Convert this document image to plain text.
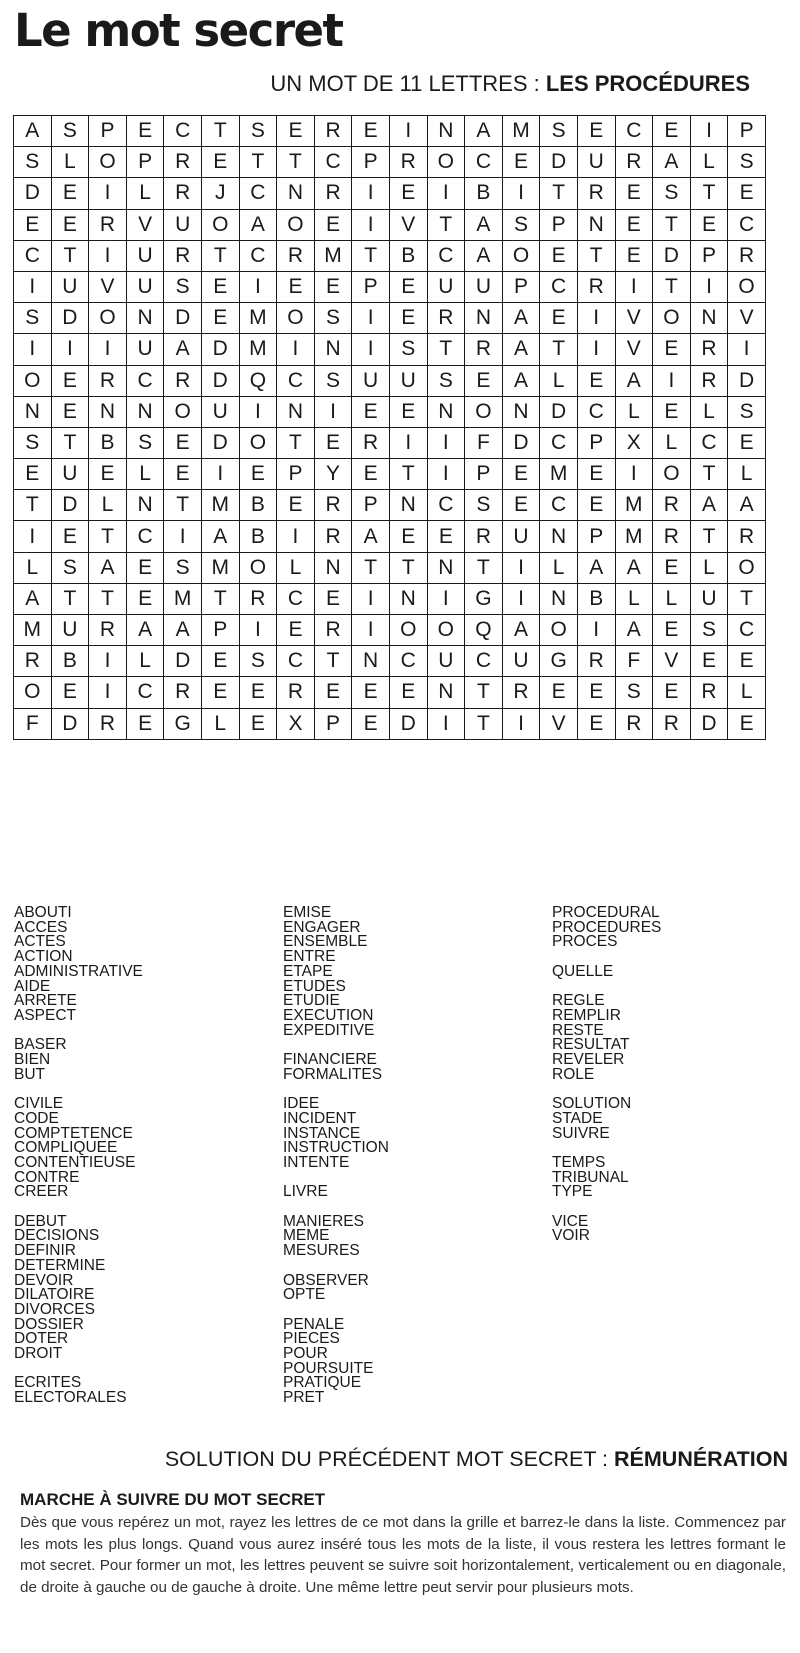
Le mot secret
UN MOT DE 11 LETTRES : LES PROCÉDURES
A	S	P	E	C	T	S	E	R	E	I	N	A	M	S	E	C	E	I	P
S	L	O	P	R	E	T	T	C	P	R	O	C	E	D	U	R	A	L	S
D	E	I	L	R	J	C	N	R	I	E	I	B	I	T	R	E	S	T	E
E	E	R	V	U	O	A	O	E	I	V	T	A	S	P	N	E	T	E	C
C	T	I	U	R	T	C	R	M	T	B	C	A	O	E	T	E	D	P	R
I	U	V	U	S	E	I	E	E	P	E	U	U	P	C	R	I	T	I	O
S	D	O	N	D	E	M	O	S	I	E	R	N	A	E	I	V	O	N	V
I	I	I	U	A	D	M	I	N	I	S	T	R	A	T	I	V	E	R	I
O	E	R	C	R	D	Q	C	S	U	U	S	E	A	L	E	A	I	R	D
N	E	N	N	O	U	I	N	I	E	E	N	O	N	D	C	L	E	L	S
S	T	B	S	E	D	O	T	E	R	I	I	F	D	C	P	X	L	C	E
E	U	E	L	E	I	E	P	Y	E	T	I	P	E	M	E	I	O	T	L
T	D	L	N	T	M	B	E	R	P	N	C	S	E	C	E	M	R	A	A
I	E	T	C	I	A	B	I	R	A	E	E	R	U	N	P	M	R	T	R
L	S	A	E	S	M	O	L	N	T	T	N	T	I	L	A	A	E	L	O
A	T	T	E	M	T	R	C	E	I	N	I	G	I	N	B	L	L	U	T
M	U	R	A	A	P	I	E	R	I	O	O	Q	A	O	I	A	E	S	C
R	B	I	L	D	E	S	C	T	N	C	U	C	U	G	R	F	V	E	E
O	E	I	C	R	E	E	R	E	E	E	N	T	R	E	E	S	E	R	L
F	D	R	E	G	L	E	X	P	E	D	I	T	I	V	E	R	R	D	E
ABOUTI
ACCES
ACTES
ACTION
ADMINISTRATIVE
AIDE
ARRETE
ASPECT
BASER
BIEN
BUT
CIVILE
CODE
COMPTETENCE
COMPLIQUEE
CONTENTIEUSE
CONTRE
CREER
DEBUT
DECISIONS
DEFINIR
DETERMINE
DEVOIR
DILATOIRE
DIVORCES
DOSSIER
DOTER
DROIT
ECRITES
ELECTORALES
EMISE
ENGAGER
ENSEMBLE
ENTRE
ETAPE
ETUDES
ETUDIE
EXECUTION
EXPEDITIVE
FINANCIERE
FORMALITES
IDEE
INCIDENT
INSTANCE
INSTRUCTION
INTENTE
LIVRE
MANIERES
MEME
MESURES
OBSERVER
OPTE
PENALE
PIECES
POUR
POURSUITE
PRATIQUE
PRET
PROCEDURAL
PROCEDURES
PROCES
QUELLE
REGLE
REMPLIR
RESTE
RESULTAT
REVELER
ROLE
SOLUTION
STADE
SUIVRE
TEMPS
TRIBUNAL
TYPE
VICE
VOIR
SOLUTION DU PRÉCÉDENT MOT SECRET : RÉMUNÉRATION
MARCHE À SUIVRE DU MOT SECRET

Dès que vous repérez un mot, rayez les lettres de ce mot dans la grille et barrez-le dans la liste. Commencez par les mots les plus longs. Quand vous aurez inséré tous les mots de la liste, il vous restera les lettres formant le mot secret. Pour former un mot, les lettres peuvent se suivre soit horizontalement, verticalement ou en diagonale, de droite à gauche ou de gauche à droite. Une même lettre peut servir pour plusieurs mots.
